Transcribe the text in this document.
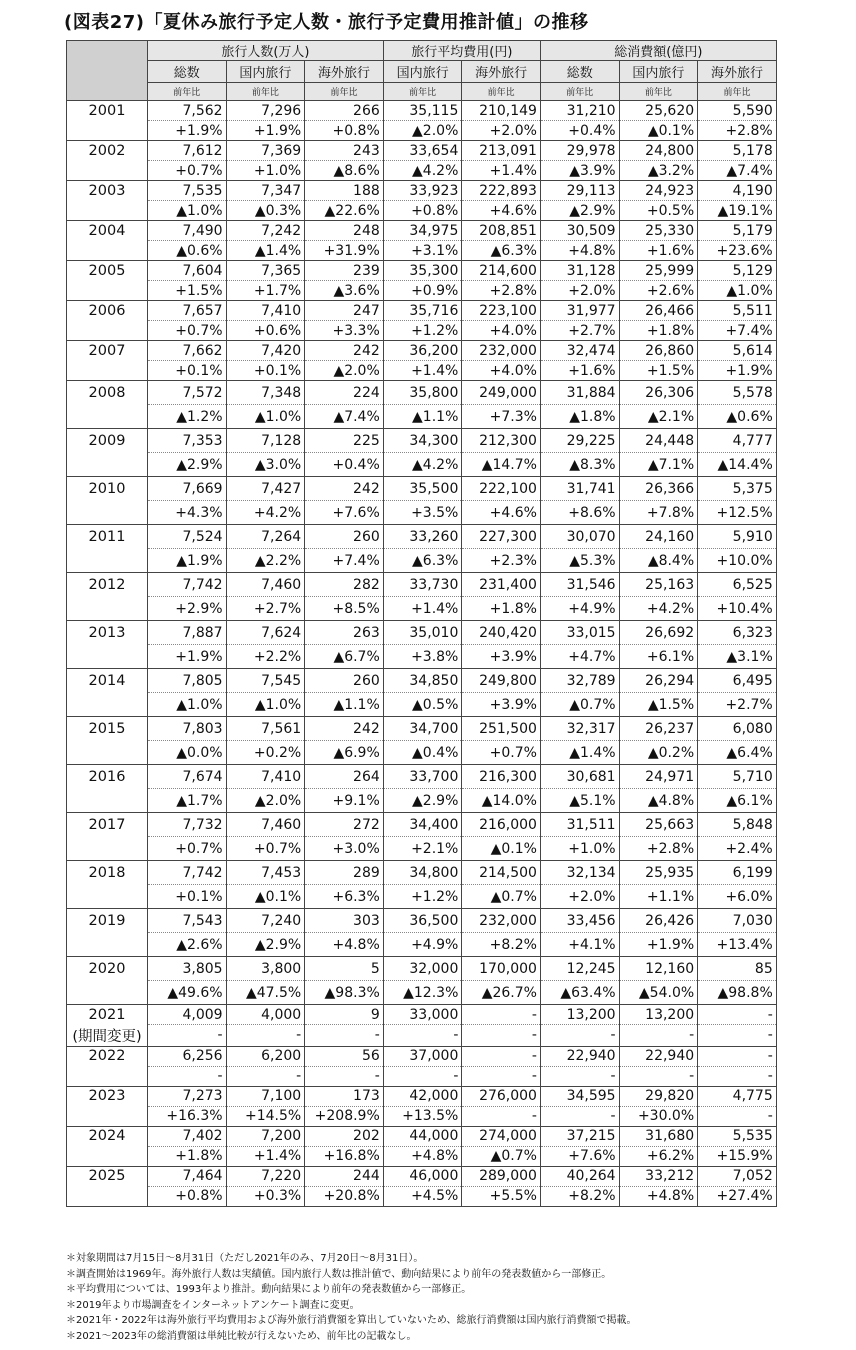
(図表27)「夏休み旅行予定人数・旅行予定費用推計値」の推移
	旅行人数(万人)			旅行平均費用(円)		総消費額(億円)		
	総数	国内旅行	海外旅行	国内旅行	海外旅行	総数	国内旅行	海外旅行
	前年比	前年比	前年比	前年比	前年比	前年比	前年比	前年比
2001	7,562	7,296	266	35,115	210,149	31,210	25,620	5,590
	+1.9%	+1.9%	+0.8%	▲2.0%	+2.0%	+0.4%	▲0.1%	+2.8%
2002	7,612	7,369	243	33,654	213,091	29,978	24,800	5,178
	+0.7%	+1.0%	▲8.6%	▲4.2%	+1.4%	▲3.9%	▲3.2%	▲7.4%
2003	7,535	7,347	188	33,923	222,893	29,113	24,923	4,190
	▲1.0%	▲0.3%	▲22.6%	+0.8%	+4.6%	▲2.9%	+0.5%	▲19.1%
2004	7,490	7,242	248	34,975	208,851	30,509	25,330	5,179
	▲0.6%	▲1.4%	+31.9%	+3.1%	▲6.3%	+4.8%	+1.6%	+23.6%
2005	7,604	7,365	239	35,300	214,600	31,128	25,999	5,129
	+1.5%	+1.7%	▲3.6%	+0.9%	+2.8%	+2.0%	+2.6%	▲1.0%
2006	7,657	7,410	247	35,716	223,100	31,977	26,466	5,511
	+0.7%	+0.6%	+3.3%	+1.2%	+4.0%	+2.7%	+1.8%	+7.4%
2007	7,662	7,420	242	36,200	232,000	32,474	26,860	5,614
	+0.1%	+0.1%	▲2.0%	+1.4%	+4.0%	+1.6%	+1.5%	+1.9%
2008	7,572	7,348	224	35,800	249,000	31,884	26,306	5,578
	▲1.2%	▲1.0%	▲7.4%	▲1.1%	+7.3%	▲1.8%	▲2.1%	▲0.6%
2009	7,353	7,128	225	34,300	212,300	29,225	24,448	4,777
	▲2.9%	▲3.0%	+0.4%	▲4.2%	▲14.7%	▲8.3%	▲7.1%	▲14.4%
2010	7,669	7,427	242	35,500	222,100	31,741	26,366	5,375
	+4.3%	+4.2%	+7.6%	+3.5%	+4.6%	+8.6%	+7.8%	+12.5%
2011	7,524	7,264	260	33,260	227,300	30,070	24,160	5,910
	▲1.9%	▲2.2%	+7.4%	▲6.3%	+2.3%	▲5.3%	▲8.4%	+10.0%
2012	7,742	7,460	282	33,730	231,400	31,546	25,163	6,525
	+2.9%	+2.7%	+8.5%	+1.4%	+1.8%	+4.9%	+4.2%	+10.4%
2013	7,887	7,624	263	35,010	240,420	33,015	26,692	6,323
	+1.9%	+2.2%	▲6.7%	+3.8%	+3.9%	+4.7%	+6.1%	▲3.1%
2014	7,805	7,545	260	34,850	249,800	32,789	26,294	6,495
	▲1.0%	▲1.0%	▲1.1%	▲0.5%	+3.9%	▲0.7%	▲1.5%	+2.7%
2015	7,803	7,561	242	34,700	251,500	32,317	26,237	6,080
	▲0.0%	+0.2%	▲6.9%	▲0.4%	+0.7%	▲1.4%	▲0.2%	▲6.4%
2016	7,674	7,410	264	33,700	216,300	30,681	24,971	5,710
	▲1.7%	▲2.0%	+9.1%	▲2.9%	▲14.0%	▲5.1%	▲4.8%	▲6.1%
2017	7,732	7,460	272	34,400	216,000	31,511	25,663	5,848
	+0.7%	+0.7%	+3.0%	+2.1%	▲0.1%	+1.0%	+2.8%	+2.4%
2018	7,742	7,453	289	34,800	214,500	32,134	25,935	6,199
	+0.1%	▲0.1%	+6.3%	+1.2%	▲0.7%	+2.0%	+1.1%	+6.0%
2019	7,543	7,240	303	36,500	232,000	33,456	26,426	7,030
	▲2.6%	▲2.9%	+4.8%	+4.9%	+8.2%	+4.1%	+1.9%	+13.4%
2020	3,805	3,800	5	32,000	170,000	12,245	12,160	85
	▲49.6%	▲47.5%	▲98.3%	▲12.3%	▲26.7%	▲63.4%	▲54.0%	▲98.8%
2021	4,009	4,000	9	33,000	-	13,200	13,200	-
(期間変更)	-	-	-	-	-	-	-	-
2022	6,256	6,200	56	37,000	-	22,940	22,940	-
	-	-	-	-	-	-	-	-
2023	7,273	7,100	173	42,000	276,000	34,595	29,820	4,775
	+16.3%	+14.5%	+208.9%	+13.5%	-	-	+30.0%	-
2024	7,402	7,200	202	44,000	274,000	37,215	31,680	5,535
	+1.8%	+1.4%	+16.8%	+4.8%	▲0.7%	+7.6%	+6.2%	+15.9%
2025	7,464	7,220	244	46,000	289,000	40,264	33,212	7,052
	+0.8%	+0.3%	+20.8%	+4.5%	+5.5%	+8.2%	+4.8%	+27.4%
＊対象期間は7月15日～8月31日（ただし2021年のみ、7月20日～8月31日）。
＊調査開始は1969年。海外旅行人数は実績値。国内旅行人数は推計値で、動向結果により前年の発表数値から一部修正。
＊平均費用については、1993年より推計。動向結果により前年の発表数値から一部修正。
＊2019年より市場調査をインターネットアンケート調査に変更。
＊2021年・2022年は海外旅行平均費用および海外旅行消費額を算出していないため、総旅行消費額は国内旅行消費額で掲載。
＊2021～2023年の総消費額は単純比較が行えないため、前年比の記載なし。
